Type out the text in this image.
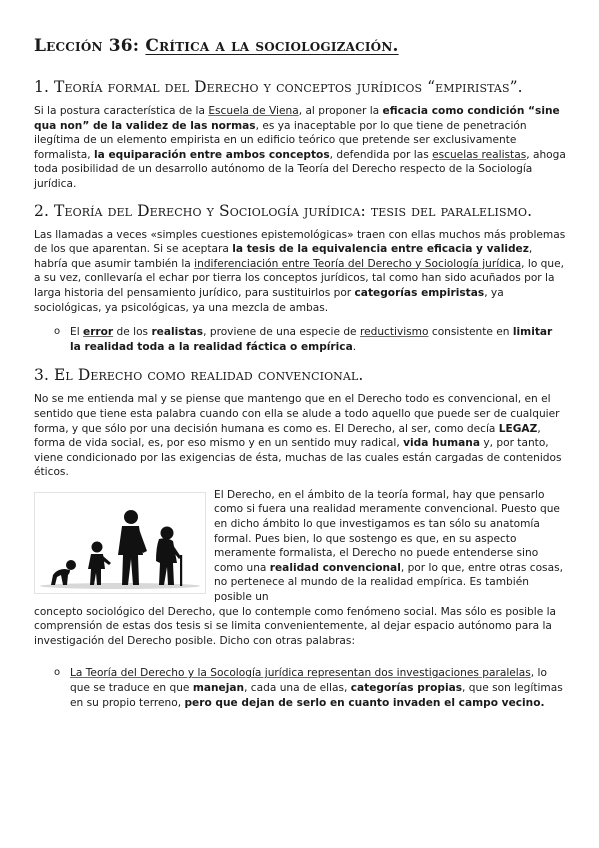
Lección 36: Crítica a la sociologización.
1. Teoría formal del Derecho y conceptos jurídicos “empiristas”.

Si la postura característica de la Escuela de Viena, al proponer la eficacia como condición “sine qua non” de la validez de las normas, es ya inaceptable por lo que tiene de penetración ilegítima de un elemento empirista en un edificio teórico que pretende ser exclusivamente formalista, la equiparación entre ambos conceptos, defendida por las escuelas realistas, ahoga toda posibilidad de un desarrollo autónomo de la Teoría del Derecho respecto de la Sociología jurídica.

2. Teoría del Derecho y Sociología jurídica: tesis del paralelismo.

Las llamadas a veces «simples cuestiones epistemológicas» traen con ellas muchos más problemas de los que aparentan. Si se aceptara la tesis de la equivalencia entre eficacia y validez, habría que asumir también la indiferenciación entre Teoría del Derecho y Sociología jurídica, lo que, a su vez, conllevaría el echar por tierra los conceptos jurídicos, tal como han sido acuñados por la larga historia del pensamiento jurídico, para sustituirlos por categorías empiristas, ya sociológicas, ya psicológicas, ya una mezcla de ambas.

o El error de los realistas, proviene de una especie de reductivismo consistente en limitar la realidad toda a la realidad fáctica o empírica.
3. El Derecho como realidad convencional.

No se me entienda mal y se piense que mantengo que en el Derecho todo es convencional, en el sentido que tiene esta palabra cuando con ella se alude a todo aquello que puede ser de cualquier forma, y que sólo por una decisión humana es como es. El Derecho, al ser, como decía LEGAZ, forma de vida social, es, por eso mismo y en un sentido muy radical, vida humana y, por tanto, viene condicionado por las exigencias de ésta, muchas de las cuales están cargadas de contenidos éticos.

El Derecho, en el ámbito de la teoría formal, hay que pensarlo como si fuera una realidad meramente convencional. Puesto que en dicho ámbito lo que investigamos es tan sólo su anatomía formal. Pues bien, lo que sostengo es que, en su aspecto meramente formalista, el Derecho no puede entenderse sino como una realidad convencional, por lo que, entre otras cosas, no pertenece al mundo de la realidad empírica. Es también posible un

concepto sociológico del Derecho, que lo contemple como fenómeno social. Mas sólo es posible la comprensión de estas dos tesis si se limita convenientemente, al dejar espacio autónomo para la investigación del Derecho posible. Dicho con otras palabras:

o La Teoría del Derecho y la Socología jurídica representan dos investigaciones paralelas, lo que se traduce en que manejan, cada una de ellas, categorías propias, que son legítimas en su propio terreno, pero que dejan de serlo en cuanto invaden el campo vecino.
